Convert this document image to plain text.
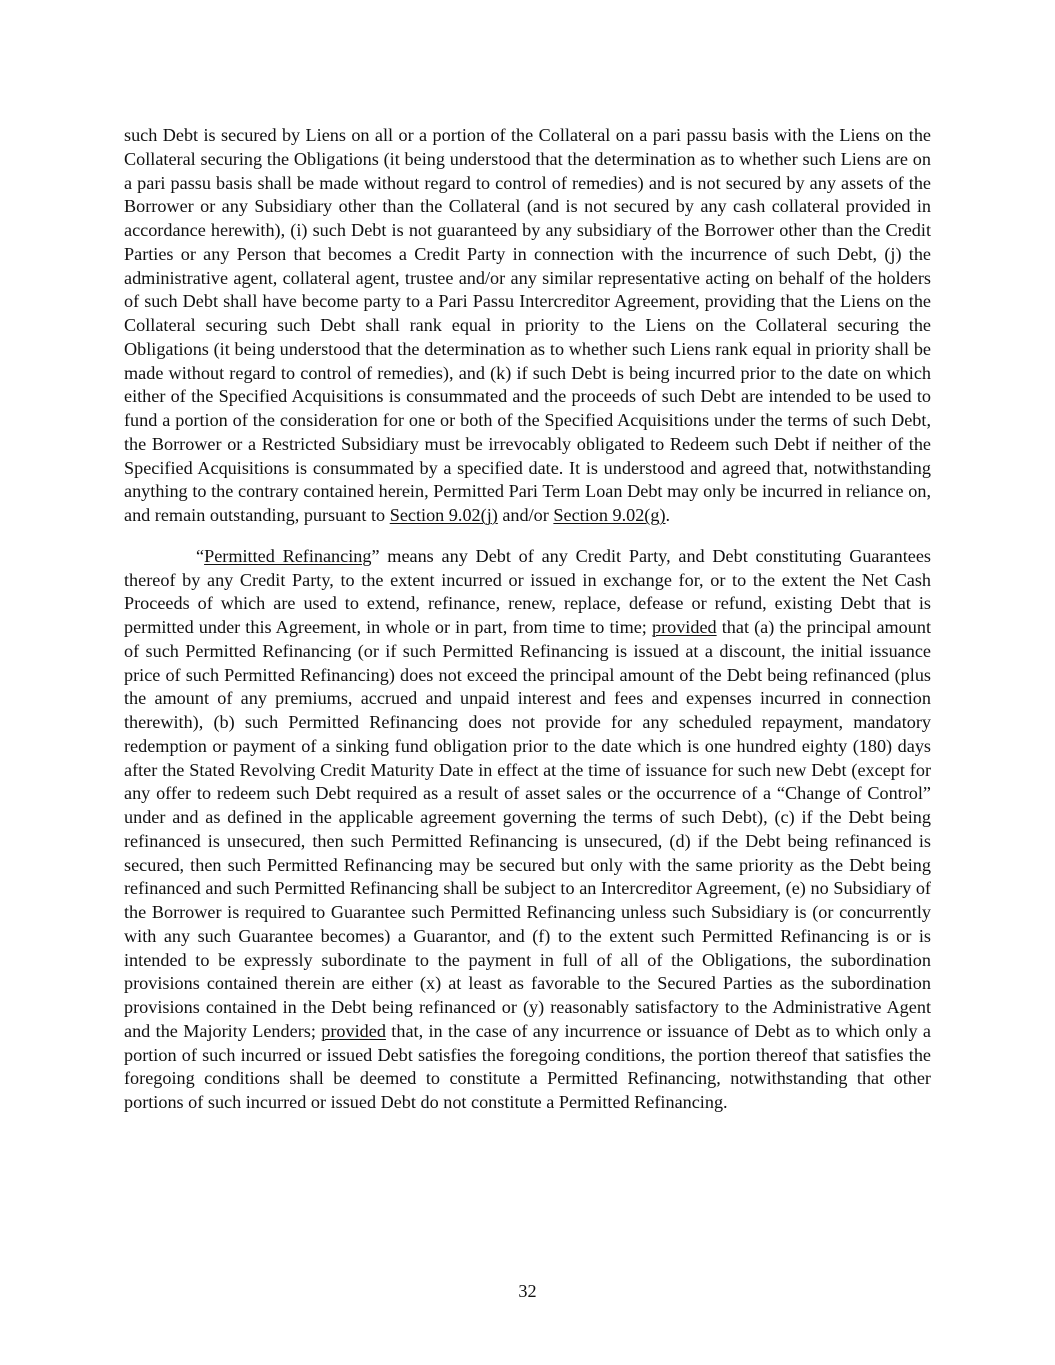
such Debt is secured by Liens on all or a portion of the Collateral on a pari passu basis with the Liens on the Collateral securing the Obligations (it being understood that the determination as to whether such Liens are on a pari passu basis shall be made without regard to control of remedies) and is not secured by any assets of the Borrower or any Subsidiary other than the Collateral (and is not secured by any cash collateral provided in accordance herewith), (i) such Debt is not guaranteed by any subsidiary of the Borrower other than the Credit Parties or any Person that becomes a Credit Party in connection with the incurrence of such Debt, (j) the administrative agent, collateral agent, trustee and/or any similar representative acting on behalf of the holders of such Debt shall have become party to a Pari Passu Intercreditor Agreement, providing that the Liens on the Collateral securing such Debt shall rank equal in priority to the Liens on the Collateral securing the Obligations (it being understood that the determination as to whether such Liens rank equal in priority shall be made without regard to control of remedies), and (k) if such Debt is being incurred prior to the date on which either of the Specified Acquisitions is consummated and the proceeds of such Debt are intended to be used to fund a portion of the consideration for one or both of the Specified Acquisitions under the terms of such Debt, the Borrower or a Restricted Subsidiary must be irrevocably obligated to Redeem such Debt if neither of the Specified Acquisitions is consummated by a specified date. It is understood and agreed that, notwithstanding anything to the contrary contained herein, Permitted Pari Term Loan Debt may only be incurred in reliance on, and remain outstanding, pursuant to Section 9.02(j) and/or Section 9.02(g).

“Permitted Refinancing” means any Debt of any Credit Party, and Debt constituting Guarantees thereof by any Credit Party, to the extent incurred or issued in exchange for, or to the extent the Net Cash Proceeds of which are used to extend, refinance, renew, replace, defease or refund, existing Debt that is permitted under this Agreement, in whole or in part, from time to time; provided that (a) the principal amount of such Permitted Refinancing (or if such Permitted Refinancing is issued at a discount, the initial issuance price of such Permitted Refinancing) does not exceed the principal amount of the Debt being refinanced (plus the amount of any premiums, accrued and unpaid interest and fees and expenses incurred in connection therewith), (b) such Permitted Refinancing does not provide for any scheduled repayment, mandatory redemption or payment of a sinking fund obligation prior to the date which is one hundred eighty (180) days after the Stated Revolving Credit Maturity Date in effect at the time of issuance for such new Debt (except for any offer to redeem such Debt required as a result of asset sales or the occurrence of a “Change of Control” under and as defined in the applicable agreement governing the terms of such Debt), (c) if the Debt being refinanced is unsecured, then such Permitted Refinancing is unsecured, (d) if the Debt being refinanced is secured, then such Permitted Refinancing may be secured but only with the same priority as the Debt being refinanced and such Permitted Refinancing shall be subject to an Intercreditor Agreement, (e) no Subsidiary of the Borrower is required to Guarantee such Permitted Refinancing unless such Subsidiary is (or concurrently with any such Guarantee becomes) a Guarantor, and (f) to the extent such Permitted Refinancing is or is intended to be expressly subordinate to the payment in full of all of the Obligations, the subordination provisions contained therein are either (x) at least as favorable to the Secured Parties as the subordination provisions contained in the Debt being refinanced or (y) reasonably satisfactory to the Administrative Agent and the Majority Lenders; provided that, in the case of any incurrence or issuance of Debt as to which only a portion of such incurred or issued Debt satisfies the foregoing conditions, the portion thereof that satisfies the foregoing conditions shall be deemed to constitute a Permitted Refinancing, notwithstanding that other portions of such incurred or issued Debt do not constitute a Permitted Refinancing.

32
